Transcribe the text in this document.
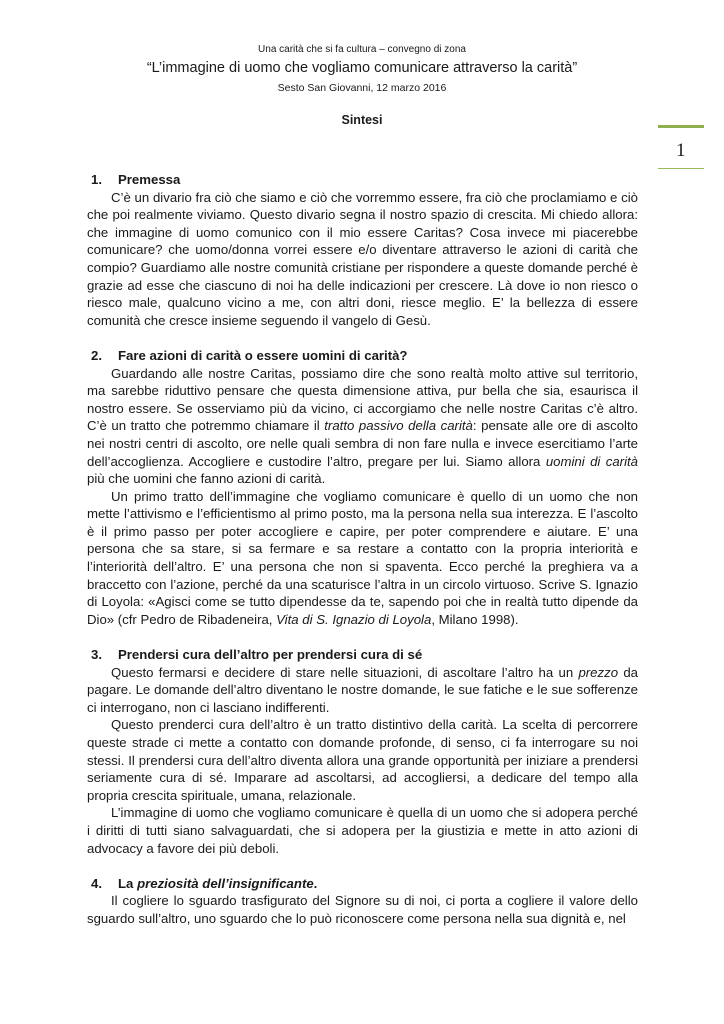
Una carità che si fa cultura – convegno di zona
“L’immagine di uomo che vogliamo comunicare attraverso la carità”
Sesto San Giovanni, 12 marzo 2016
Sintesi
1
1.	Premessa

C’è un divario fra ciò che siamo e ciò che vorremmo essere, fra ciò che proclamiamo e ciò che poi realmente viviamo. Questo divario segna il nostro spazio di crescita. Mi chiedo allora: che immagine di uomo comunico con il mio essere Caritas? Cosa invece mi piacerebbe comunicare? che uomo/donna vorrei essere e/o diventare attraverso le azioni di carità che compio? Guardiamo alle nostre comunità cristiane per rispondere a queste domande perché è grazie ad esse che ciascuno di noi ha delle indicazioni per crescere. Là dove io non riesco o riesco male, qualcuno vicino a me, con altri doni, riesce meglio. E’ la bellezza di essere comunità che cresce insieme seguendo il vangelo di Gesù.

2.	Fare azioni di carità o essere uomini di carità?

Guardando alle nostre Caritas, possiamo dire che sono realtà molto attive sul territorio, ma sarebbe riduttivo pensare che questa dimensione attiva, pur bella che sia, esaurisca il nostro essere. Se osserviamo più da vicino, ci accorgiamo che nelle nostre Caritas c’è altro. C’è un tratto che potremmo chiamare il tratto passivo della carità: pensate alle ore di ascolto nei nostri centri di ascolto, ore nelle quali sembra di non fare nulla e invece esercitiamo l’arte dell’accoglienza. Accogliere e custodire l’altro, pregare per lui. Siamo allora uomini di carità più che uomini che fanno azioni di carità.

Un primo tratto dell’immagine che vogliamo comunicare è quello di un uomo che non mette l’attivismo e l’efficientismo al primo posto, ma la persona nella sua interezza. E l’ascolto è il primo passo per poter accogliere e capire, per poter comprendere e aiutare. E’ una persona che sa stare, si sa fermare e sa restare a contatto con la propria interiorità e l’interiorità dell’altro. E’ una persona che non si spaventa. Ecco perché la preghiera va a braccetto con l’azione, perché da una scaturisce l’altra in un circolo virtuoso. Scrive S. Ignazio di Loyola: «Agisci come se tutto dipendesse da te, sapendo poi che in realtà tutto dipende da Dio» (cfr Pedro de Ribadeneira, Vita di S. Ignazio di Loyola, Milano 1998).

3.	Prendersi cura dell’altro per prendersi cura di sé

Questo fermarsi e decidere di stare nelle situazioni, di ascoltare l’altro ha un prezzo da pagare. Le domande dell’altro diventano le nostre domande, le sue fatiche e le sue sofferenze ci interrogano, non ci lasciano indifferenti.

Questo prenderci cura dell’altro è un tratto distintivo della carità. La scelta di percorrere queste strade ci mette a contatto con domande profonde, di senso, ci fa interrogare su noi stessi. Il prendersi cura dell’altro diventa allora una grande opportunità per iniziare a prendersi seriamente cura di sé. Imparare ad ascoltarsi, ad accogliersi, a dedicare del tempo alla propria crescita spirituale, umana, relazionale.

L’immagine di uomo che vogliamo comunicare è quella di un uomo che si adopera perché i diritti di tutti siano salvaguardati, che si adopera per la giustizia e mette in atto azioni di advocacy a favore dei più deboli.

4.	La preziosità dell’insignificante.

Il cogliere lo sguardo trasfigurato del Signore su di noi, ci porta a cogliere il valore dello sguardo sull’altro, uno sguardo che lo può riconoscere come persona nella sua dignità e, nel
